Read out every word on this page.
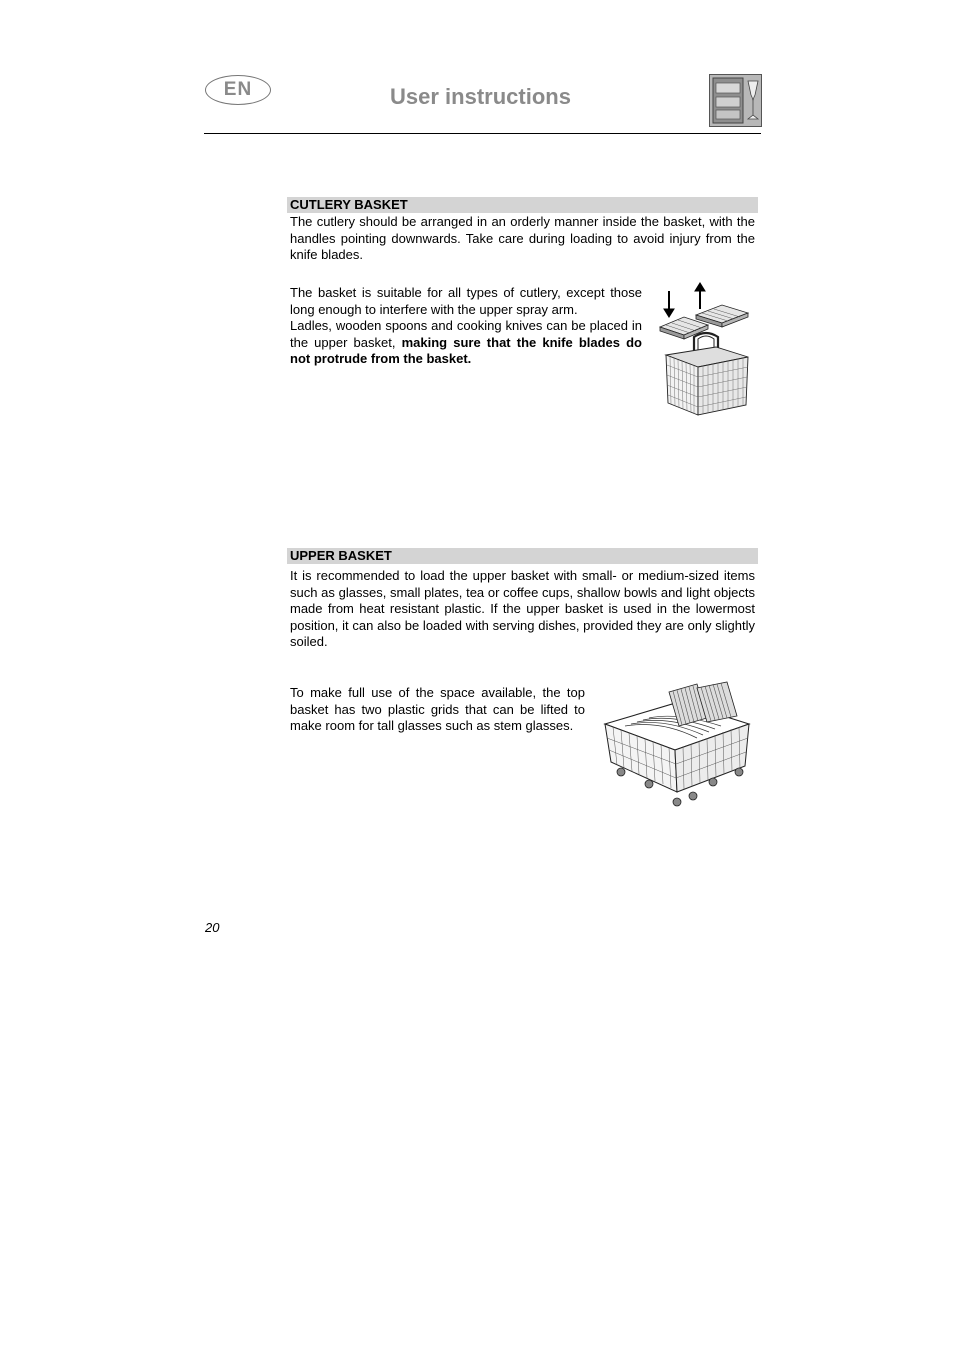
EN	User instructions
CUTLERY BASKET
The cutlery should be arranged in an orderly manner inside the basket, with the handles pointing downwards. Take care during loading to avoid injury from the knife blades.
The basket is suitable for all types of cutlery, except those long enough to interfere with the upper spray arm.
Ladles, wooden spoons and cooking knives can be placed in the upper basket, making sure that the knife blades do not protrude from the basket.
UPPER BASKET
It is recommended to load the upper basket with small- or medium-sized items such as glasses, small plates, tea or coffee cups, shallow bowls and light objects made from heat resistant plastic. If the upper basket is used in the lowermost position, it can also be loaded with serving dishes, provided they are only slightly soiled.
To make full use of the space available, the top basket has two plastic grids that can be lifted to make room for tall glasses such as stem glasses.
20
